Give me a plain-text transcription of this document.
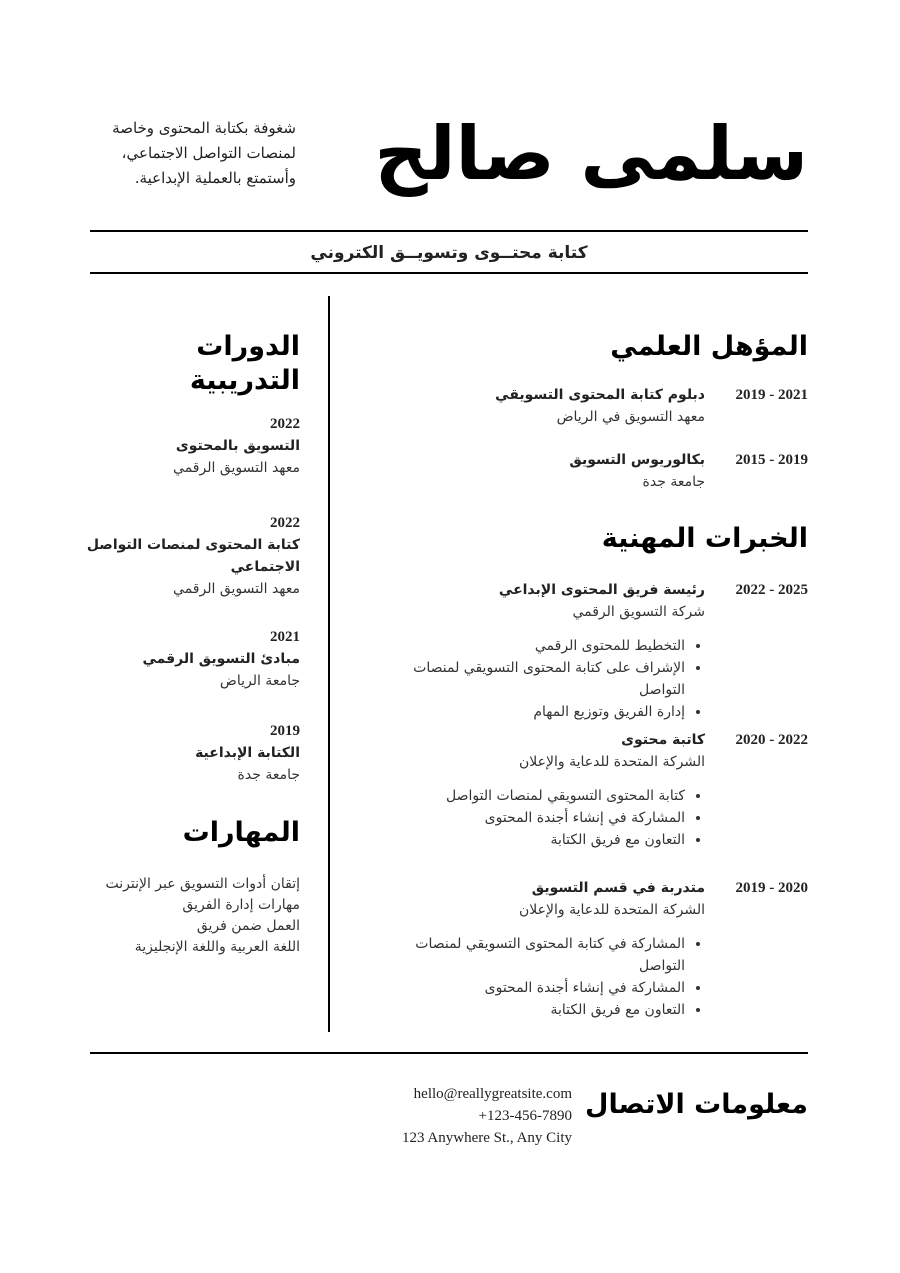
سلمى صالح
شغوفة بكتابة المحتوى وخاصة
لمنصات التواصل الاجتماعي،
وأستمتع بالعملية الإبداعية.
كتابة محتــوى وتسويــق الكتروني
المؤهل العلمي
2019 - 2021
دبلوم كتابة المحتوى التسويقي
معهد التسويق في الرياض
2015 - 2019
بكالوريوس التسويق
جامعة جدة
الخبرات المهنية
2022 - 2025
رئيسة فريق المحتوى الإبداعي
شركة التسويق الرقمي
• التخطيط للمحتوى الرقمي
• الإشراف على كتابة المحتوى التسويقي لمنصات التواصل
• إدارة الفريق وتوزيع المهام
2020 - 2022
كاتبة محتوى
الشركة المتحدة للدعاية والإعلان
• كتابة المحتوى التسويقي لمنصات التواصل
• المشاركة في إنشاء أجندة المحتوى
• التعاون مع فريق الكتابة
2019 - 2020
متدربة في قسم التسويق
الشركة المتحدة للدعاية والإعلان
• المشاركة في كتابة المحتوى التسويقي لمنصات التواصل
• المشاركة في إنشاء أجندة المحتوى
• التعاون مع فريق الكتابة
الدورات التدريبية
2022
التسويق بالمحتوى
معهد التسويق الرقمي
2022
كتابة المحتوى لمنصات التواصل الاجتماعي
معهد التسويق الرقمي
2021
مبادئ التسويق الرقمي
جامعة الرياض
2019
الكتابة الإبداعية
جامعة جدة
المهارات
إتقان أدوات التسويق عبر الإنترنت
مهارات إدارة الفريق
العمل ضمن فريق
اللغة العربية واللغة الإنجليزية
معلومات الاتصال
hello@reallygreatsite.com
+123-456-7890
123 Anywhere St., Any City
